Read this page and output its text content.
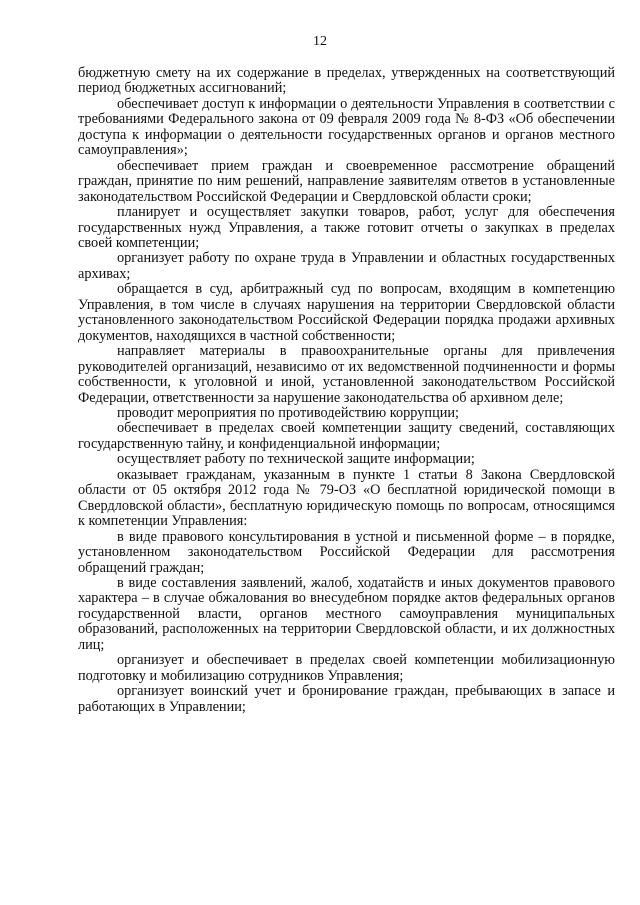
12

бюджетную смету на их содержание в пределах, утвержденных на соответствующий период бюджетных ассигнований;

обеспечивает доступ к информации о деятельности Управления в соответствии с требованиями Федерального закона от 09 февраля 2009 года № 8-ФЗ «Об обеспечении доступа к информации о деятельности государственных органов и органов местного самоуправления»;

обеспечивает прием граждан и своевременное рассмотрение обращений граждан, принятие по ним решений, направление заявителям ответов в установленные законодательством Российской Федерации и Свердловской области сроки;

планирует и осуществляет закупки товаров, работ, услуг для обеспечения государственных нужд Управления, а также готовит отчеты о закупках в пределах своей компетенции;

организует работу по охране труда в Управлении и областных государственных архивах;

обращается в суд, арбитражный суд по вопросам, входящим в компетенцию Управления, в том числе в случаях нарушения на территории Свердловской области установленного законодательством Российской Федерации порядка продажи архивных документов, находящихся в частной собственности;

направляет материалы в правоохранительные органы для привлечения руководителей организаций, независимо от их ведомственной подчиненности и формы собственности, к уголовной и иной, установленной законодательством Российской Федерации, ответственности за нарушение законодательства об архивном деле;

проводит мероприятия по противодействию коррупции;

обеспечивает в пределах своей компетенции защиту сведений, составляющих государственную тайну, и конфиденциальной информации;

осуществляет работу по технической защите информации;

оказывает гражданам, указанным в пункте 1 статьи 8 Закона Свердловской области от 05 октября 2012 года № 79-ОЗ «О бесплатной юридической помощи в Свердловской области», бесплатную юридическую помощь по вопросам, относящимся к компетенции Управления:

в виде правового консультирования в устной и письменной форме – в порядке, установленном законодательством Российской Федерации для рассмотрения обращений граждан;

в виде составления заявлений, жалоб, ходатайств и иных документов правового характера – в случае обжалования во внесудебном порядке актов федеральных органов государственной власти, органов местного самоуправления муниципальных образований, расположенных на территории Свердловской области, и их должностных лиц;

организует и обеспечивает в пределах своей компетенции мобилизационную подготовку и мобилизацию сотрудников Управления;

организует воинский учет и бронирование граждан, пребывающих в запасе и работающих в Управлении;
